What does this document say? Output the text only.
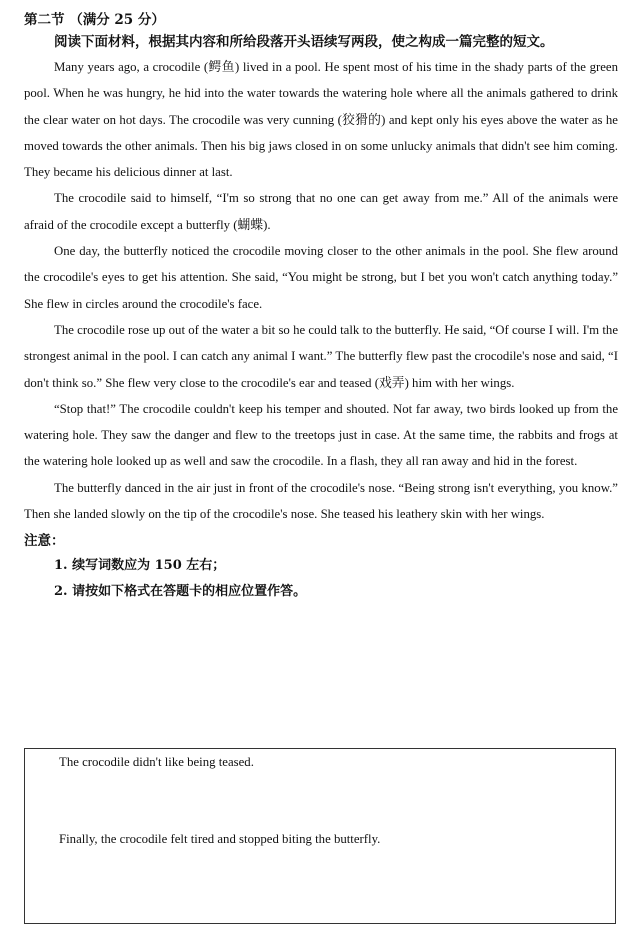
第二节 （满分 25 分）

阅读下面材料，根据其内容和所给段落开头语续写两段，使之构成一篇完整的短文。

Many years ago, a crocodile (鳄鱼) lived in a pool. He spent most of his time in the shady parts of the green pool. When he was hungry, he hid into the water towards the watering hole where all the animals gathered to drink the clear water on hot days. The crocodile was very cunning (狡猾的) and kept only his eyes above the water as he moved towards the other animals. Then his big jaws closed in on some unlucky animals that didn't see him coming. They became his delicious dinner at last.

The crocodile said to himself, “I'm so strong that no one can get away from me.” All of the animals were afraid of the crocodile except a butterfly (蝴蝶).

One day, the butterfly noticed the crocodile moving closer to the other animals in the pool. She flew around the crocodile's eyes to get his attention. She said, “You might be strong, but I bet you won't catch anything today.” She flew in circles around the crocodile's face.

The crocodile rose up out of the water a bit so he could talk to the butterfly. He said, “Of course I will. I'm the strongest animal in the pool. I can catch any animal I want.” The butterfly flew past the crocodile's nose and said, “I don't think so.” She flew very close to the crocodile's ear and teased (戏弄) him with her wings.

“Stop that!” The crocodile couldn't keep his temper and shouted. Not far away, two birds looked up from the watering hole. They saw the danger and flew to the treetops just in case. At the same time, the rabbits and frogs at the watering hole looked up as well and saw the crocodile. In a flash, they all ran away and hid in the forest.

The butterfly danced in the air just in front of the crocodile's nose. “Being strong isn't everything, you know.” Then she landed slowly on the tip of the crocodile's nose. She teased his leathery skin with her wings.

注意：

1. 续写词数应为 150 左右；

2. 请按如下格式在答题卡的相应位置作答。

The crocodile didn't like being teased.

Finally, the crocodile felt tired and stopped biting the butterfly.
